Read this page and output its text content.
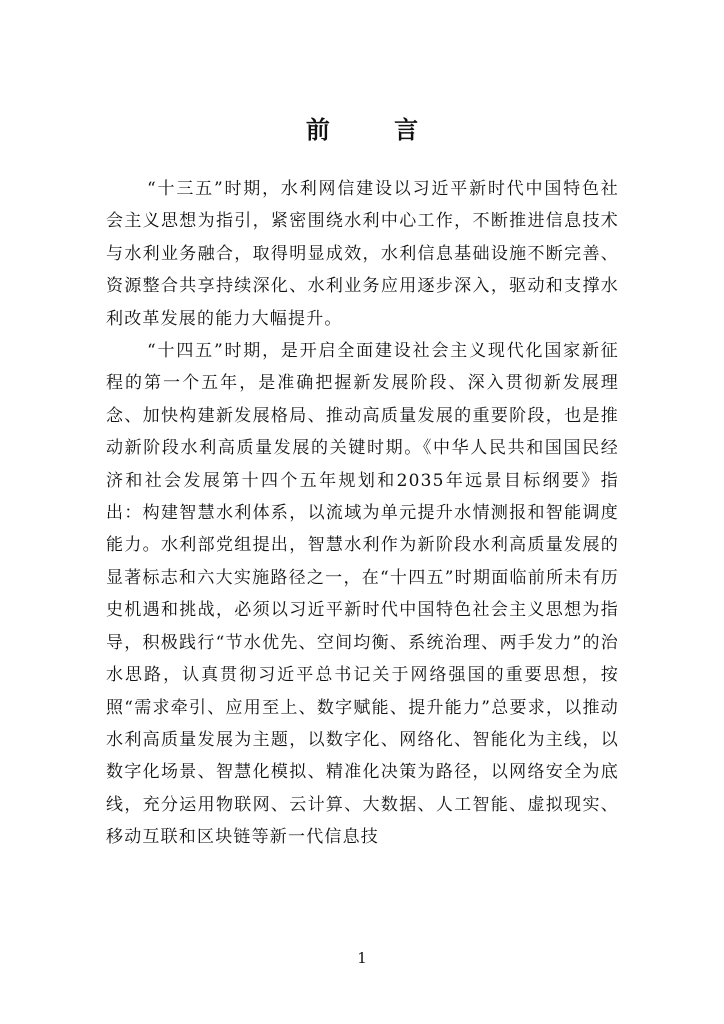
前 言

“十三五”时期，水利网信建设以习近平新时代中国特色社会主义思想为指引，紧密围绕水利中心工作，不断推进信息技术与水利业务融合，取得明显成效，水利信息基础设施不断完善、资源整合共享持续深化、水利业务应用逐步深入，驱动和支撑水利改革发展的能力大幅提升。

“十四五”时期，是开启全面建设社会主义现代化国家新征程的第一个五年，是准确把握新发展阶段、深入贯彻新发展理念、加快构建新发展格局、推动高质量发展的重要阶段，也是推动新阶段水利高质量发展的关键时期。《中华人民共和国国民经济和社会发展第十四个五年规划和2035年远景目标纲要》指出：构建智慧水利体系，以流域为单元提升水情测报和智能调度能力。水利部党组提出，智慧水利作为新阶段水利高质量发展的显著标志和六大实施路径之一，在“十四五”时期面临前所未有历史机遇和挑战，必须以习近平新时代中国特色社会主义思想为指导，积极践行“节水优先、空间均衡、系统治理、两手发力”的治水思路，认真贯彻习近平总书记关于网络强国的重要思想，按照“需求牵引、应用至上、数字赋能、提升能力”总要求，以推动水利高质量发展为主题，以数字化、网络化、智能化为主线，以数字化场景、智慧化模拟、精准化决策为路径，以网络安全为底线，充分运用物联网、云计算、大数据、人工智能、虚拟现实、移动互联和区块链等新一代信息技

1
